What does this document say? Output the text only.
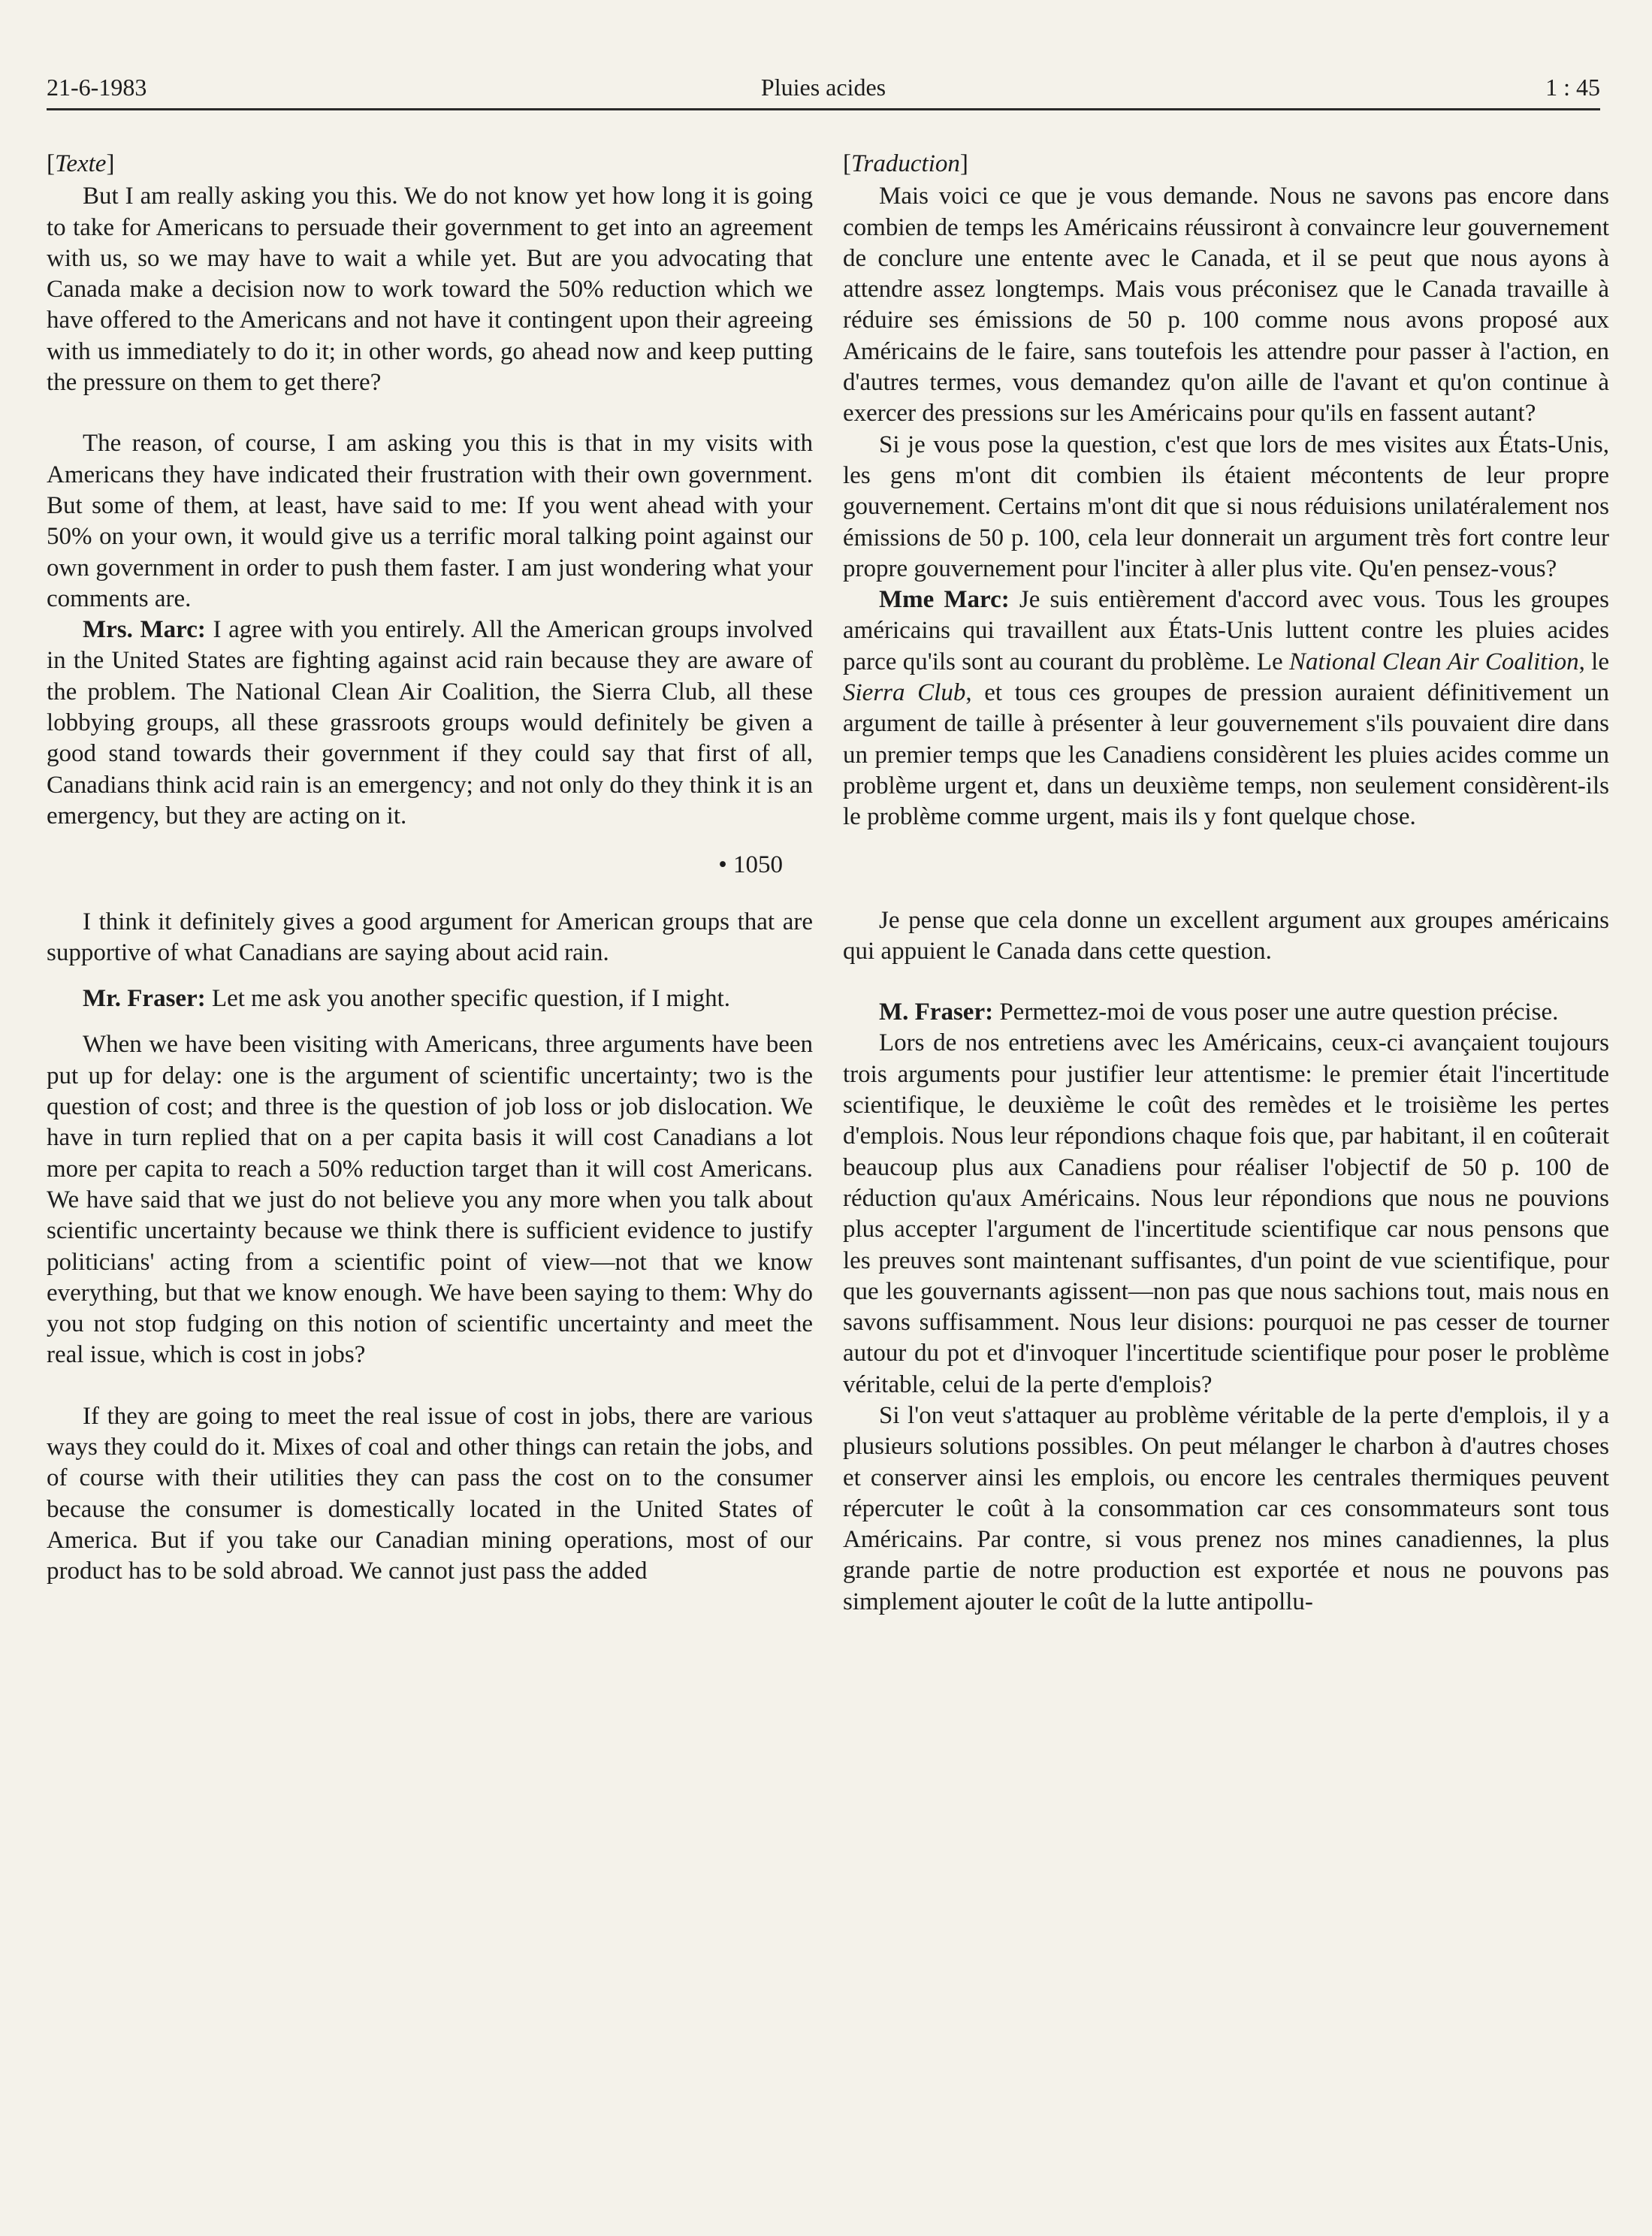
21-6-1983	Pluies acides	1 : 45

[Texte]

But I am really asking you this. We do not know yet how long it is going to take for Americans to persuade their government to get into an agreement with us, so we may have to wait a while yet. But are you advocating that Canada make a decision now to work toward the 50% reduction which we have offered to the Americans and not have it contingent upon their agreeing with us immediately to do it; in other words, go ahead now and keep putting the pressure on them to get there?

The reason, of course, I am asking you this is that in my visits with Americans they have indicated their frustration with their own government. But some of them, at least, have said to me: If you went ahead with your 50% on your own, it would give us a terrific moral talking point against our own government in order to push them faster. I am just wondering what your comments are.

Mrs. Marc: I agree with you entirely. All the American groups involved in the United States are fighting against acid rain because they are aware of the problem. The National Clean Air Coalition, the Sierra Club, all these lobbying groups, all these grassroots groups would definitely be given a good stand towards their government if they could say that first of all, Canadians think acid rain is an emergency; and not only do they think it is an emergency, but they are acting on it.

• 1050

I think it definitely gives a good argument for American groups that are supportive of what Canadians are saying about acid rain.

Mr. Fraser: Let me ask you another specific question, if I might.

When we have been visiting with Americans, three arguments have been put up for delay: one is the argument of scientific uncertainty; two is the question of cost; and three is the question of job loss or job dislocation. We have in turn replied that on a per capita basis it will cost Canadians a lot more per capita to reach a 50% reduction target than it will cost Americans. We have said that we just do not believe you any more when you talk about scientific uncertainty because we think there is sufficient evidence to justify politicians' acting from a scientific point of view—not that we know everything, but that we know enough. We have been saying to them: Why do you not stop fudging on this notion of scientific uncertainty and meet the real issue, which is cost in jobs?

If they are going to meet the real issue of cost in jobs, there are various ways they could do it. Mixes of coal and other things can retain the jobs, and of course with their utilities they can pass the cost on to the consumer because the consumer is domestically located in the United States of America. But if you take our Canadian mining operations, most of our product has to be sold abroad. We cannot just pass the added

[Traduction]

Mais voici ce que je vous demande. Nous ne savons pas encore dans combien de temps les Américains réussiront à convaincre leur gouvernement de conclure une entente avec le Canada, et il se peut que nous ayons à attendre assez longtemps. Mais vous préconisez que le Canada travaille à réduire ses émissions de 50 p. 100 comme nous avons proposé aux Américains de le faire, sans toutefois les attendre pour passer à l'action, en d'autres termes, vous demandez qu'on aille de l'avant et qu'on continue à exercer des pressions sur les Américains pour qu'ils en fassent autant?

Si je vous pose la question, c'est que lors de mes visites aux États-Unis, les gens m'ont dit combien ils étaient mécontents de leur propre gouvernement. Certains m'ont dit que si nous réduisions unilatéralement nos émissions de 50 p. 100, cela leur donnerait un argument très fort contre leur propre gouvernement pour l'inciter à aller plus vite. Qu'en pensez-vous?

Mme Marc: Je suis entièrement d'accord avec vous. Tous les groupes américains qui travaillent aux États-Unis luttent contre les pluies acides parce qu'ils sont au courant du problème. Le National Clean Air Coalition, le Sierra Club, et tous ces groupes de pression auraient définitivement un argument de taille à présenter à leur gouvernement s'ils pouvaient dire dans un premier temps que les Canadiens considèrent les pluies acides comme un problème urgent et, dans un deuxième temps, non seulement considèrent-ils le problème comme urgent, mais ils y font quelque chose.

Je pense que cela donne un excellent argument aux groupes américains qui appuient le Canada dans cette question.

M. Fraser: Permettez-moi de vous poser une autre question précise.

Lors de nos entretiens avec les Américains, ceux-ci avançaient toujours trois arguments pour justifier leur attentisme: le premier était l'incertitude scientifique, le deuxième le coût des remèdes et le troisième les pertes d'emplois. Nous leur répondions chaque fois que, par habitant, il en coûterait beaucoup plus aux Canadiens pour réaliser l'objectif de 50 p. 100 de réduction qu'aux Américains. Nous leur répondions que nous ne pouvions plus accepter l'argument de l'incertitude scientifique car nous pensons que les preuves sont maintenant suffisantes, d'un point de vue scientifique, pour que les gouvernants agissent—non pas que nous sachions tout, mais nous en savons suffisamment. Nous leur disions: pourquoi ne pas cesser de tourner autour du pot et d'invoquer l'incertitude scientifique pour poser le problème véritable, celui de la perte d'emplois?

Si l'on veut s'attaquer au problème véritable de la perte d'emplois, il y a plusieurs solutions possibles. On peut mélanger le charbon à d'autres choses et conserver ainsi les emplois, ou encore les centrales thermiques peuvent répercuter le coût à la consommation car ces consommateurs sont tous Américains. Par contre, si vous prenez nos mines canadiennes, la plus grande partie de notre production est exportée et nous ne pouvons pas simplement ajouter le coût de la lutte antipollu-
